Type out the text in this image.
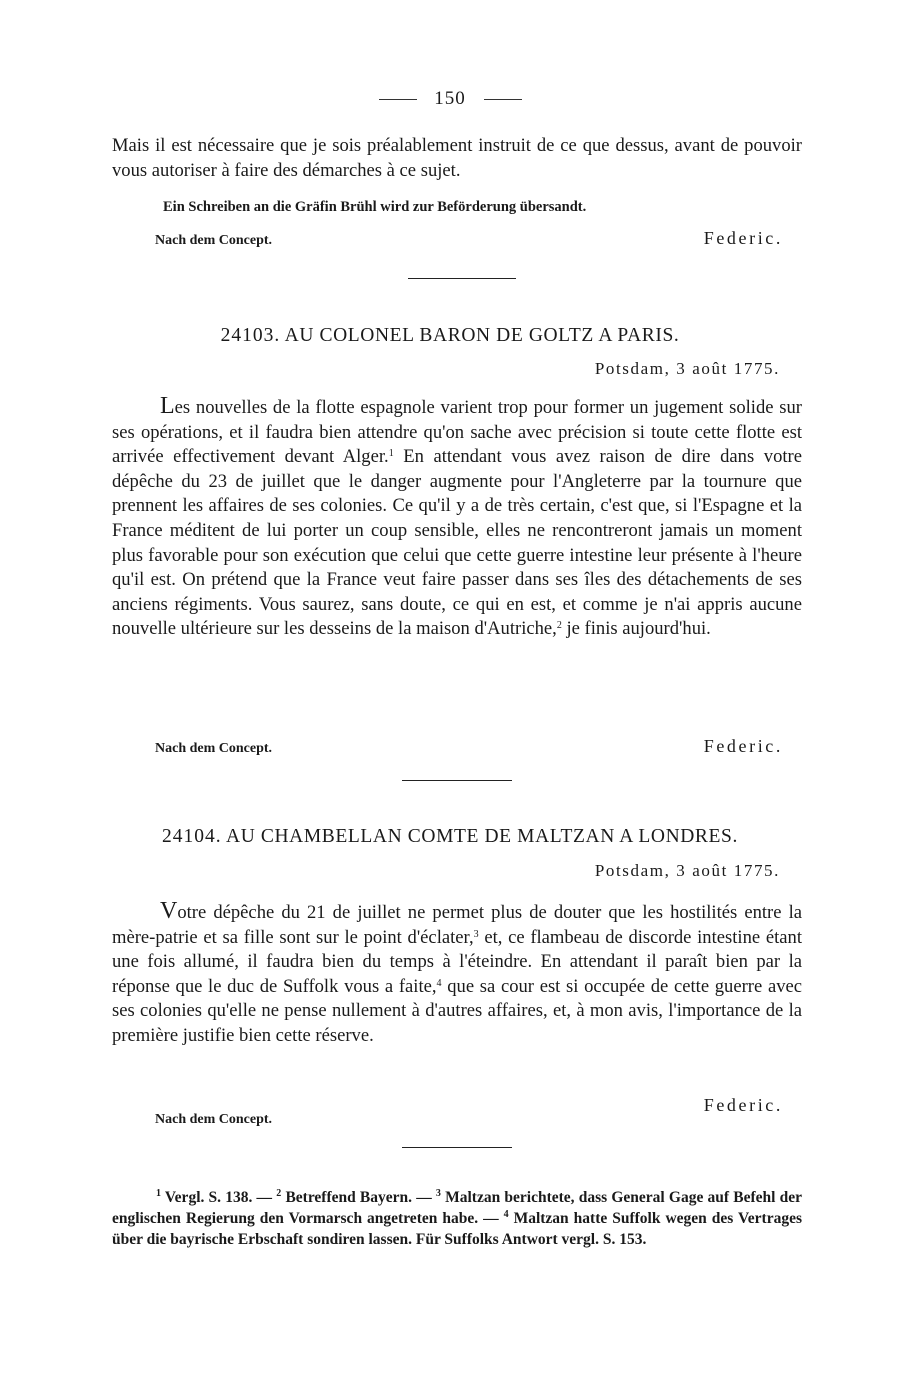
150
Mais il est nécessaire que je sois préalablement instruit de ce que dessus, avant de pouvoir vous autoriser à faire des démarches à ce sujet.
Ein Schreiben an die Gräfin Brühl wird zur Beförderung übersandt.
Nach dem Concept.	Federic.
24103. AU COLONEL BARON DE GOLTZ A PARIS.
Potsdam, 3 août 1775.
Les nouvelles de la flotte espagnole varient trop pour former un jugement solide sur ses opérations, et il faudra bien attendre qu'on sache avec précision si toute cette flotte est arrivée effectivement devant Alger.$^1$ En attendant vous avez raison de dire dans votre dépêche du 23 de juillet que le danger augmente pour l'Angleterre par la tournure que prennent les affaires de ses colonies. Ce qu'il y a de très certain, c'est que, si l'Espagne et la France méditent de lui porter un coup sensible, elles ne rencontreront jamais un moment plus favorable pour son exécution que celui que cette guerre intestine leur présente à l'heure qu'il est. On prétend que la France veut faire passer dans ses îles des détachements de ses anciens régiments. Vous saurez, sans doute, ce qui en est, et comme je n'ai appris aucune nouvelle ultérieure sur les desseins de la maison d'Autriche,$^2$ je finis aujourd'hui.
Nach dem Concept.	Federic.
24104. AU CHAMBELLAN COMTE DE MALTZAN A LONDRES.
Potsdam, 3 août 1775.
Votre dépêche du 21 de juillet ne permet plus de douter que les hostilités entre la mère-patrie et sa fille sont sur le point d'éclater,$^3$ et, ce flambeau de discorde intestine étant une fois allumé, il faudra bien du temps à l'éteindre. En attendant il paraît bien par la réponse que le duc de Suffolk vous a faite,$^4$ que sa cour est si occupée de cette guerre avec ses colonies qu'elle ne pense nullement à d'autres affaires, et, à mon avis, l'importance de la première justifie bien cette réserve.
Nach dem Concept.
Federic.
$^1$ Vergl. S. 138. — $^2$ Betreffend Bayern. — $^3$ Maltzan berichtete, dass General Gage auf Befehl der englischen Regierung den Vormarsch angetreten habe. — $^4$ Maltzan hatte Suffolk wegen des Vertrages über die bayrische Erbschaft sondiren lassen. Für Suffolks Antwort vergl. S. 153.
